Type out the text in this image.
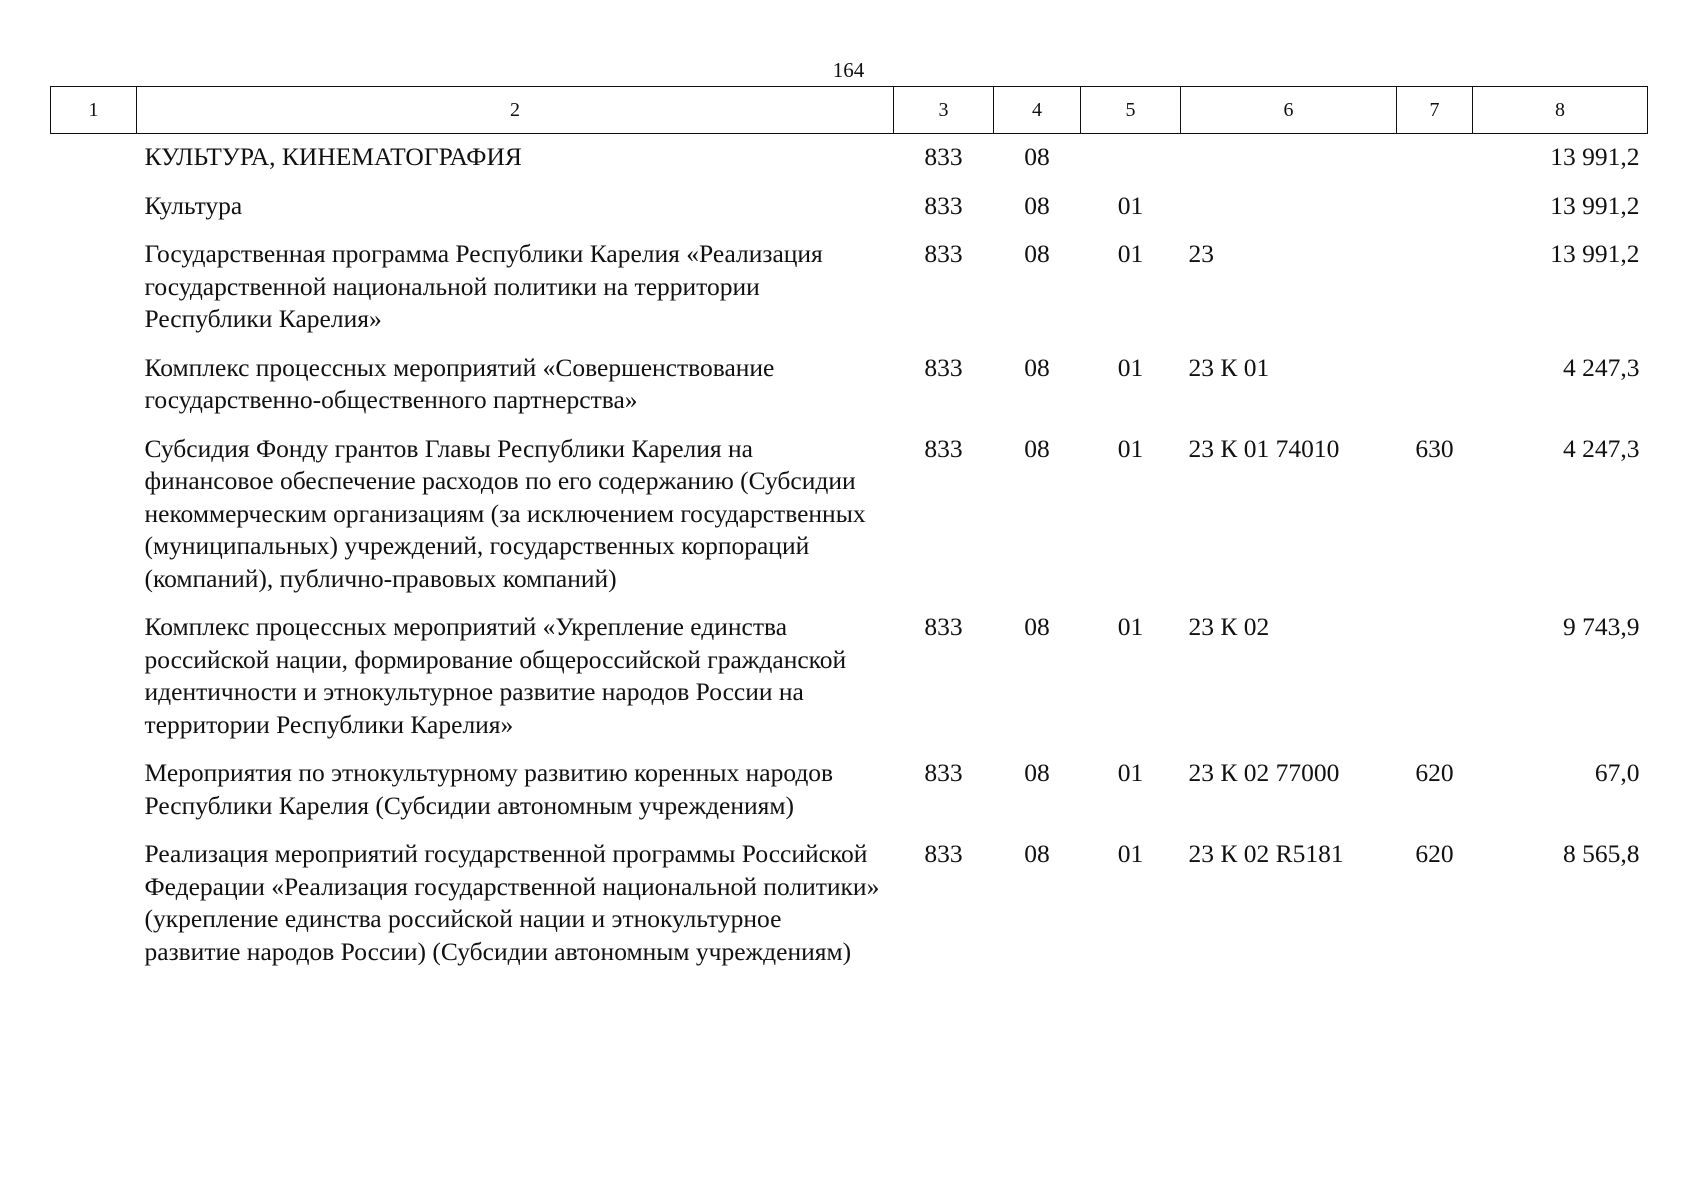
164
1	2	3	4	5	6	7	8
	КУЛЬТУРА, КИНЕМАТОГРАФИЯ	833	08				13 991,2
	Культура	833	08	01			13 991,2
	Государственная программа Республики Карелия «Реализация государственной национальной политики на территории Республики Карелия»	833	08	01	23		13 991,2
	Комплекс процессных мероприятий «Совершенствование государственно-общественного партнерства»	833	08	01	23 К 01		4 247,3
	Субсидия Фонду грантов Главы Республики Карелия на финансовое обеспечение расходов по его содержанию (Субсидии некоммерческим организациям (за исключением государственных (муниципальных) учреждений, государственных корпораций (компаний), публично-правовых компаний)	833	08	01	23 К 01 74010	630	4 247,3
	Комплекс процессных мероприятий «Укрепление единства российской нации, формирование общероссийской гражданской идентичности и этнокультурное развитие народов России на территории Республики Карелия»	833	08	01	23 К 02		9 743,9
	Мероприятия по этнокультурному развитию коренных народов Республики Карелия (Субсидии автономным учреждениям)	833	08	01	23 К 02 77000	620	67,0
	Реализация мероприятий государственной программы Российской Федерации «Реализация государственной национальной политики» (укрепление единства российской нации и этнокультурное развитие народов России) (Субсидии автономным учреждениям)	833	08	01	23 К 02 R5181	620	8 565,8
